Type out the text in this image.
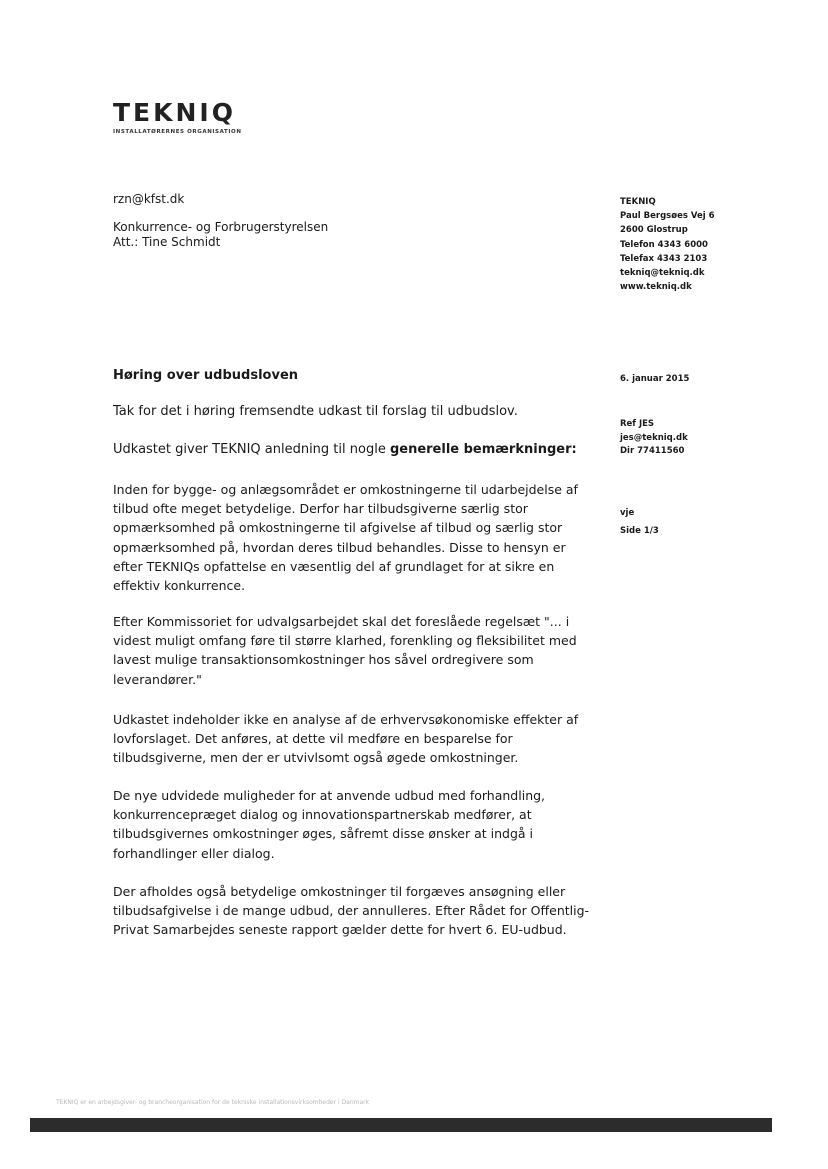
TEKNIQ
INSTALLATØRERNES ORGANISATION
rzn@kfst.dk
Konkurrence- og Forbrugerstyrelsen
Att.: Tine Schmidt
TEKNIQ
Paul Bergsøes Vej 6
2600 Glostrup
Telefon 4343 6000
Telefax 4343 2103
tekniq@tekniq.dk
www.tekniq.dk
6. januar 2015
Ref JES
jes@tekniq.dk
Dir 77411560
vje
Side 1/3
Høring over udbudsloven
Tak for det i høring fremsendte udkast til forslag til udbudslov.
Udkastet giver TEKNIQ anledning til nogle generelle bemærkninger:
Inden for bygge- og anlægsområdet er omkostningerne til udarbejdelse af tilbud ofte meget betydelige. Derfor har tilbudsgiverne særlig stor opmærksomhed på omkostningerne til afgivelse af tilbud og særlig stor opmærksomhed på, hvordan deres tilbud behandles. Disse to hensyn er efter TEKNIQs opfattelse en væsentlig del af grundlaget for at sikre en effektiv konkurrence.
Efter Kommissoriet for udvalgsarbejdet skal det foreslåede regelsæt "... i videst muligt omfang føre til større klarhed, forenkling og fleksibilitet med lavest mulige transaktionsomkostninger hos såvel ordregivere som leverandører."
Udkastet indeholder ikke en analyse af de erhvervsøkonomiske effekter af lovforslaget. Det anføres, at dette vil medføre en besparelse for tilbudsgiverne, men der er utvivlsomt også øgede omkostninger.
De nye udvidede muligheder for at anvende udbud med forhandling, konkurrencepræget dialog og innovationspartnerskab medfører, at tilbudsgivernes omkostninger øges, såfremt disse ønsker at indgå i forhandlinger eller dialog.
Der afholdes også betydelige omkostninger til forgæves ansøgning eller tilbudsafgivelse i de mange udbud, der annulleres. Efter Rådet for Offentlig-Privat Samarbejdes seneste rapport gælder dette for hvert 6. EU-udbud.
TEKNIQ er en arbejdsgiver- og brancheorganisation for de tekniske installationsvirksomheder i Danmark
